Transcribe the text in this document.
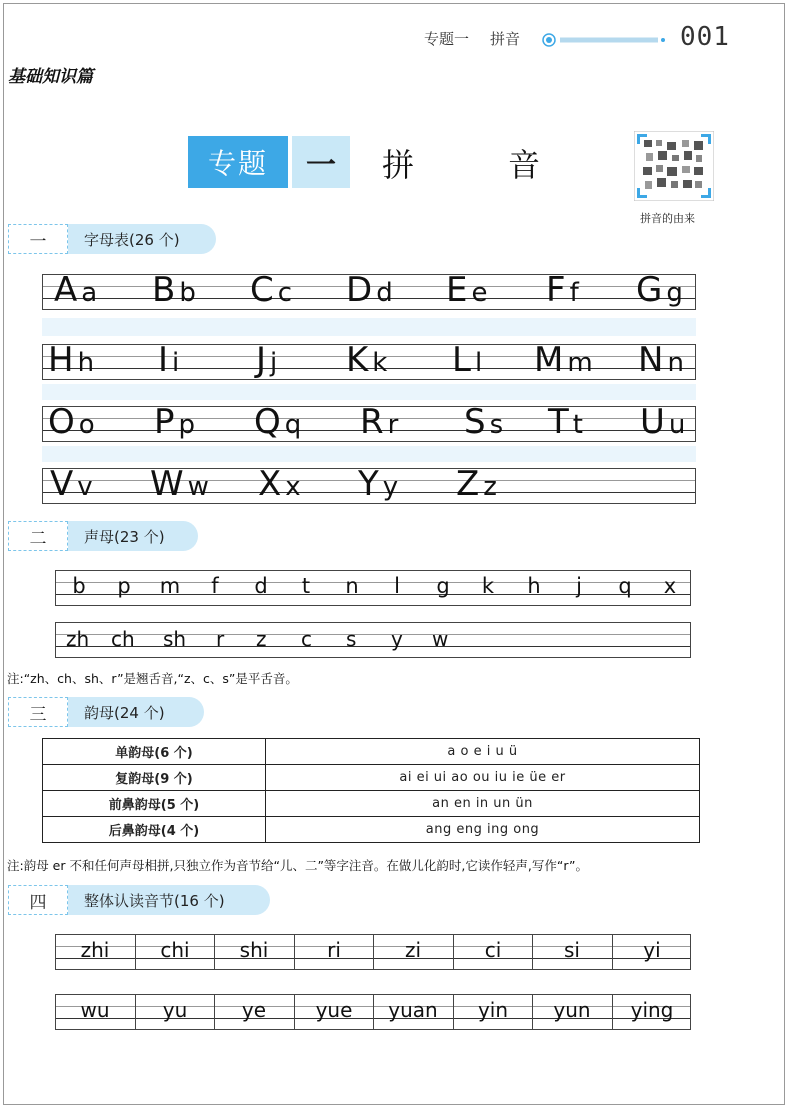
专题一 拼音	001
基础知识篇
专题	一	拼	音
拼音的由来
一	字母表(26 个)
A a B b C c D d E e F f G g
H h I i J j K k L l M m N n
O o P p Q q R r S s T t U u
V v W w X x Y y Z z
二	声母(23 个)
b	p	m	f	d	t	n	l	g	k	h	j	q	x
zh ch sh r z c s y w
注:“zh、ch、sh、r”是翘舌音,“z、c、s”是平舌音。
三	韵母(24 个)
单韵母(6 个)	a o e i u ü
复韵母(9 个)	ai ei ui ao ou iu ie üe er
前鼻韵母(5 个)	an en in un ün
后鼻韵母(4 个)	ang eng ing ong
注:韵母 er 不和任何声母相拼,只独立作为音节给“儿、二”等字注音。在做儿化韵时,它读作轻声,写作“r”。
四	整体认读音节(16 个)
zhi	chi	shi	ri	zi	ci	si	yi
wu	yu	ye	yue	yuan	yin	yun	ying
